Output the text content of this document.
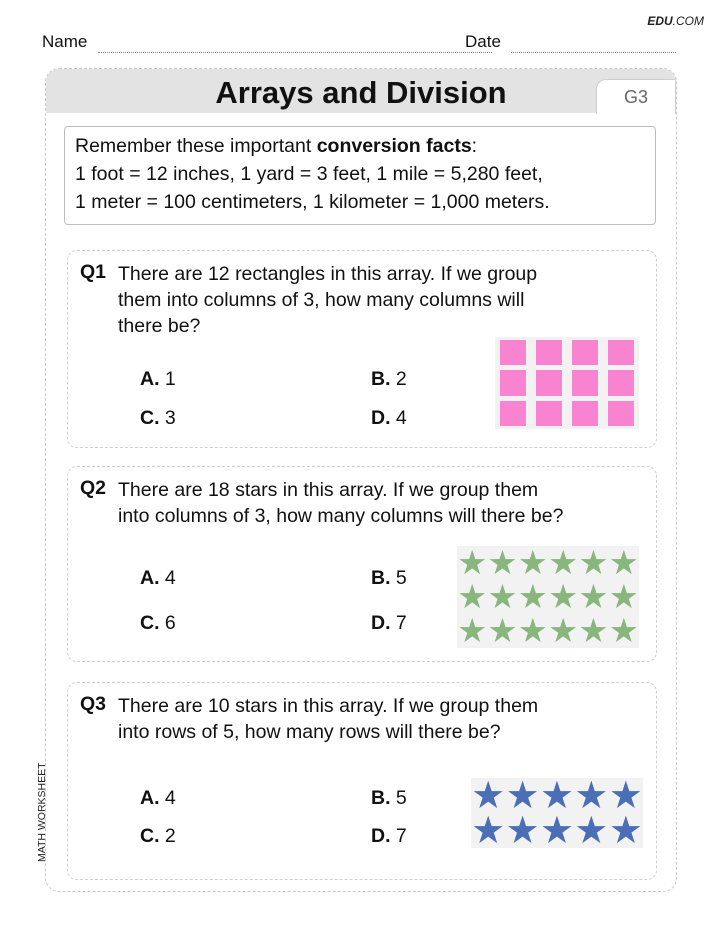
EDU.COM
Name	Date
Arrays and Division	G3
Remember these important conversion facts:
1 foot = 12 inches, 1 yard = 3 feet, 1 mile = 5,280 feet,
1 meter = 100 centimeters, 1 kilometer = 1,000 meters.
Q1 There are 12 rectangles in this array. If we group
them into columns of 3, how many columns will
there be?
A. 1	B. 2
C. 3	D. 4
Q2 There are 18 stars in this array. If we group them
into columns of 3, how many columns will there be?
A. 4	B. 5
C. 6	D. 7
★ ★ ★ ★ ★ ★
★ ★ ★ ★ ★ ★
★ ★ ★ ★ ★ ★
Q3 There are 10 stars in this array. If we group them
into rows of 5, how many rows will there be?
A. 4	B. 5
C. 2	D. 7
★ ★ ★ ★ ★
★ ★ ★ ★ ★
MATH WORKSHEET
